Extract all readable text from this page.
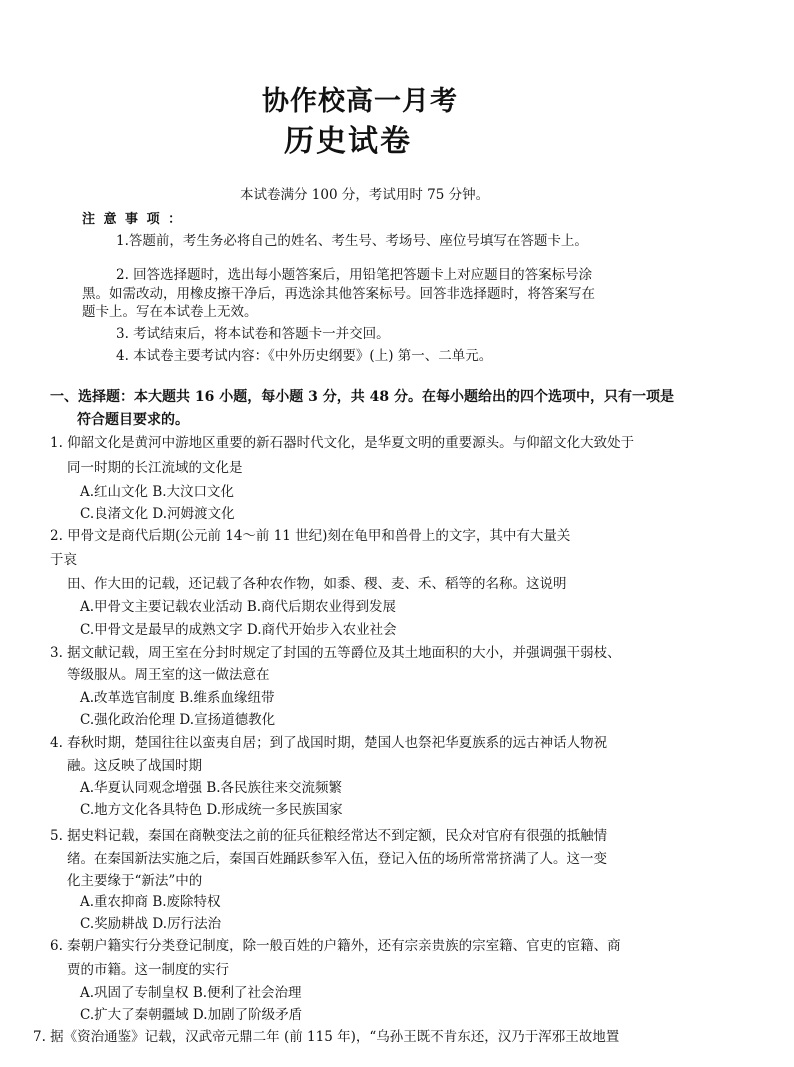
协作校高一月考
历史试卷
本试卷满分 100 分，考试用时 75 分钟。
注 意 事 项 ：
1.答题前，考生务必将自己的姓名、考生号、考场号、座位号填写在答题卡上。
2. 回答选择题时，选出每小题答案后，用铅笔把答题卡上对应题目的答案标号涂
黑。如需改动，用橡皮擦干净后，再选涂其他答案标号。回答非选择题时，将答案写在
题卡上。写在本试卷上无效。
3. 考试结束后，将本试卷和答题卡一并交回。
4. 本试卷主要考试内容：《中外历史纲要》(上) 第一、二单元。
一、选择题：本大题共 16 小题，每小题 3 分，共 48 分。在每小题给出的四个选项中，只有一项是
符合题目要求的。
1. 仰韶文化是黄河中游地区重要的新石器时代文化，是华夏文明的重要源头。与仰韶文化大致处于
同一时期的长江流域的文化是
A.红山文化 B.大汶口文化
C.良渚文化 D.河姆渡文化
2. 甲骨文是商代后期(公元前 14～前 11 世纪)刻在龟甲和兽骨上的文字，其中有大量关
于哀
田、作大田的记载，还记载了各种农作物，如黍、稷、麦、禾、稻等的名称。这说明
A.甲骨文主要记载农业活动 B.商代后期农业得到发展
C.甲骨文是最早的成熟文字 D.商代开始步入农业社会
3. 据文献记载，周王室在分封时规定了封国的五等爵位及其土地面积的大小，并强调强干弱枝、
等级服从。周王室的这一做法意在
A.改革选官制度 B.维系血缘纽带
C.强化政治伦理 D.宣扬道德教化
4. 春秋时期，楚国往往以蛮夷自居；到了战国时期，楚国人也祭祀华夏族系的远古神话人物祝
融。这反映了战国时期
A.华夏认同观念增强 B.各民族往来交流频繁
C.地方文化各具特色 D.形成统一多民族国家
5. 据史料记载，秦国在商鞅变法之前的征兵征粮经常达不到定额，民众对官府有很强的抵触情
绪。在秦国新法实施之后，秦国百姓踊跃参军入伍，登记入伍的场所常常挤满了人。这一变
化主要缘于“新法”中的
A.重农抑商 B.废除特权
C.奖励耕战 D.厉行法治
6. 秦朝户籍实行分类登记制度，除一般百姓的户籍外，还有宗亲贵族的宗室籍、官吏的宦籍、商
贾的市籍。这一制度的实行
A.巩固了专制皇权 B.便利了社会治理
C.扩大了秦朝疆域 D.加剧了阶级矛盾
7. 据《资治通鉴》记载，汉武帝元鼎二年 (前 115 年)，“乌孙王既不肯东还，汉乃于浑邪王故地置
